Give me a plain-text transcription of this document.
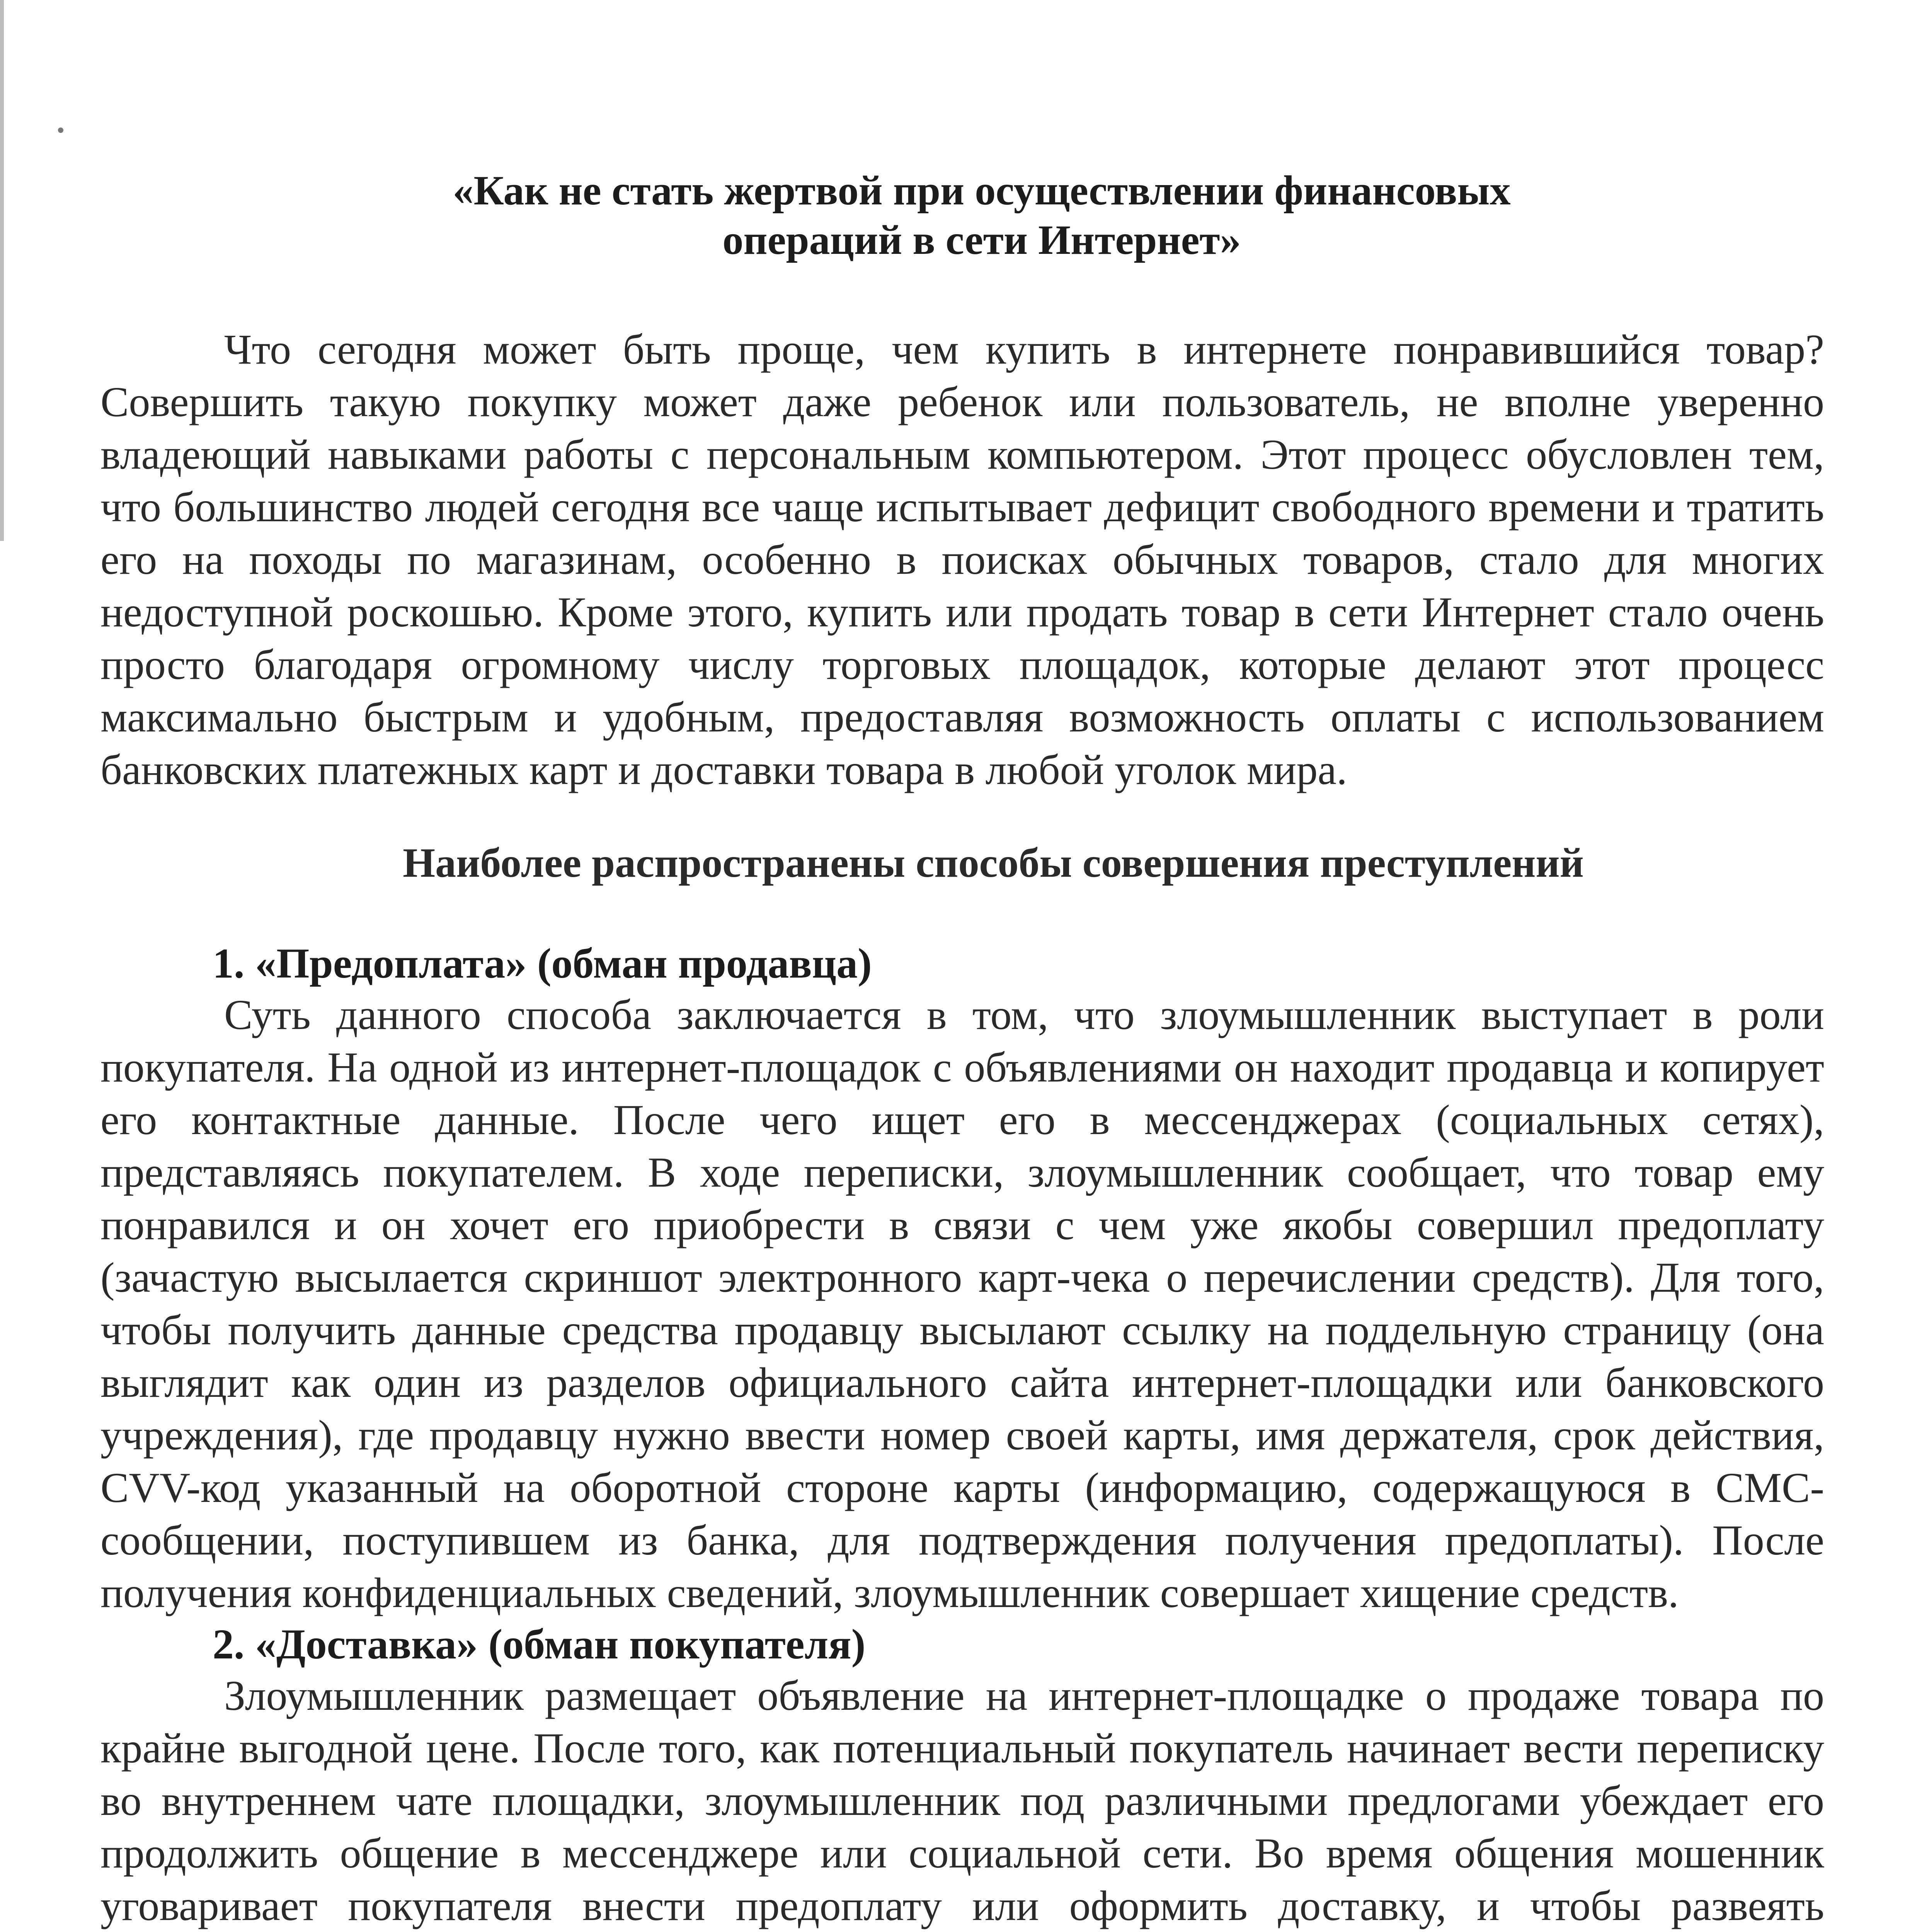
«Как не стать жертвой при осуществлении финансовых
операций в сети Интернет»

Что сегодня может быть проще, чем купить в интернете понравившийся товар? Совершить такую покупку может даже ребенок или пользователь, не вполне уверенно владеющий навыками работы с персональным компьютером. Этот процесс обусловлен тем, что большинство людей сегодня все чаще испытывает дефицит свободного времени и тратить его на походы по магазинам, особенно в поисках обычных товаров, стало для многих недоступной роскошью. Кроме этого, купить или продать товар в сети Интернет стало очень просто благодаря огромному числу торговых площадок, которые делают этот процесс максимально быстрым и удобным, предоставляя возможность оплаты с использованием банковских платежных карт и доставки товара в любой уголок мира.

Наиболее распространены способы совершения преступлений
1. «Предоплата» (обман продавца)

Суть данного способа заключается в том, что злоумышленник выступает в роли покупателя. На одной из интернет-площадок с объявлениями он находит продавца и копирует его контактные данные. После чего ищет его в мессенджерах (социальных сетях), представляясь покупателем. В ходе переписки, злоумышленник сообщает, что товар ему понравился и он хочет его приобрести в связи с чем уже якобы совершил предоплату (зачастую высылается скриншот электронного карт-чека о перечислении средств). Для того, чтобы получить данные средства продавцу высылают ссылку на поддельную страницу (она выглядит как один из разделов официального сайта интернет-площадки или банковского учреждения), где продавцу нужно ввести номер своей карты, имя держателя, срок действия, CVV-код указанный на оборотной стороне карты (информацию, содержащуюся в СМС-сообщении, поступившем из банка, для подтверждения получения предоплаты). После получения конфиденциальных сведений, злоумышленник совершает хищение средств.

2. «Доставка» (обман покупателя)

Злоумышленник размещает объявление на интернет-площадке о продаже товара по крайне выгодной цене. После того, как потенциальный покупатель начинает вести переписку во внутреннем чате площадки, злоумышленник под различными предлогами убеждает его продолжить общение в мессенджере или социальной сети. Во время общения мошенник уговаривает покупателя внести предоплату или оформить доставку, и чтобы развеять
